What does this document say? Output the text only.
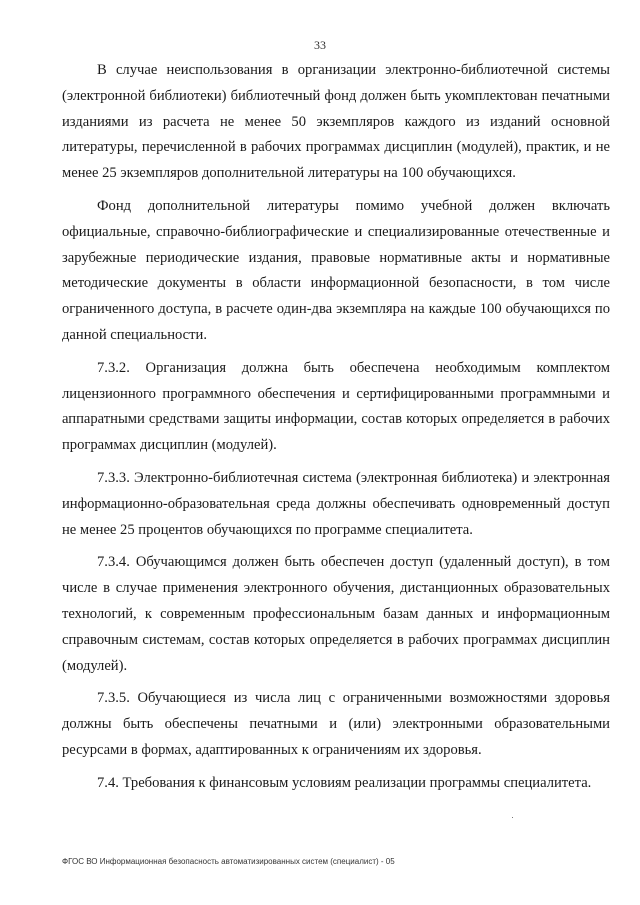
33

В случае неиспользования в организации электронно-библиотечной системы (электронной библиотеки) библиотечный фонд должен быть укомплектован печатными изданиями из расчета не менее 50 экземпляров каждого из изданий основной литературы, перечисленной в рабочих программах дисциплин (модулей), практик, и не менее 25 экземпляров дополнительной литературы на 100 обучающихся.

Фонд дополнительной литературы помимо учебной должен включать официальные, справочно-библиографические и специализированные отечественные и зарубежные периодические издания, правовые нормативные акты и нормативные методические документы в области информационной безопасности, в том числе ограниченного доступа, в расчете один-два экземпляра на каждые 100 обучающихся по данной специальности.

7.3.2. Организация должна быть обеспечена необходимым комплектом лицензионного программного обеспечения и сертифицированными программными и аппаратными средствами защиты информации, состав которых определяется в рабочих программах дисциплин (модулей).

7.3.3. Электронно-библиотечная система (электронная библиотека) и электронная информационно-образовательная среда должны обеспечивать одновременный доступ не менее 25 процентов обучающихся по программе специалитета.

7.3.4. Обучающимся должен быть обеспечен доступ (удаленный доступ), в том числе в случае применения электронного обучения, дистанционных образовательных технологий, к современным профессиональным базам данных и информационным справочным системам, состав которых определяется в рабочих программах дисциплин (модулей).

7.3.5. Обучающиеся из числа лиц с ограниченными возможностями здоровья должны быть обеспечены печатными и (или) электронными образовательными ресурсами в формах, адаптированных к ограничениям их здоровья.

7.4. Требования к финансовым условиям реализации программы специалитета.

ФГОС ВО Информационная безопасность автоматизированных систем (специалист) - 05
